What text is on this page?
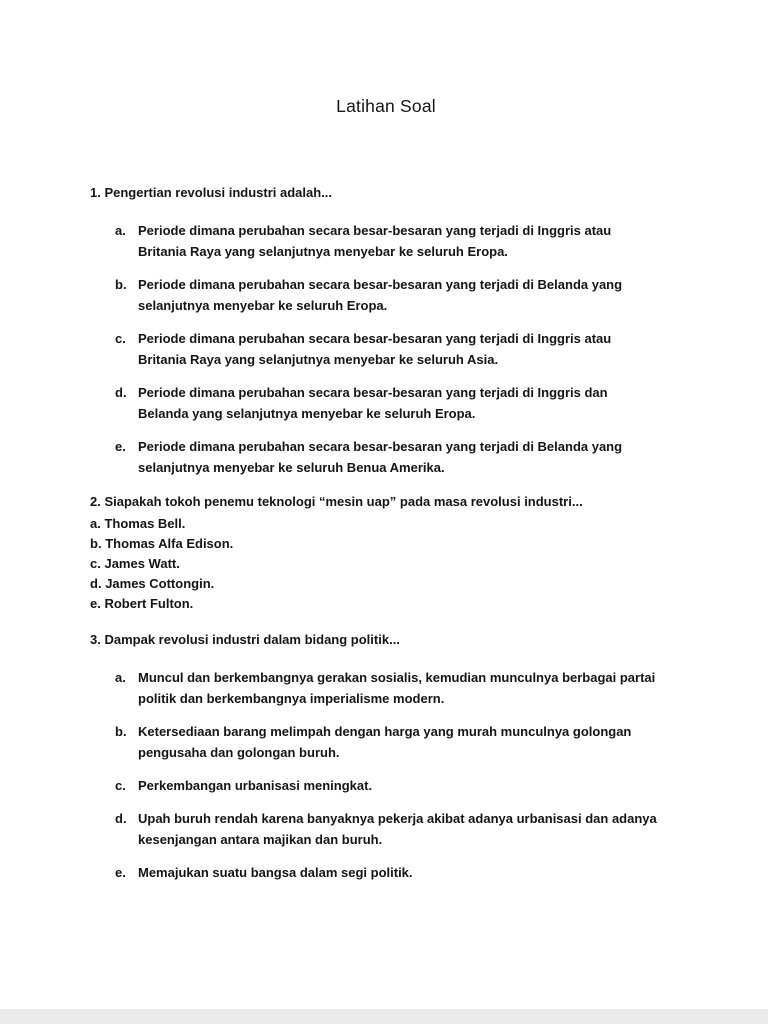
Latihan Soal

1. Pengertian revolusi industri adalah...

a. Periode dimana perubahan secara besar-besaran yang terjadi di Inggris atau Britania Raya yang selanjutnya menyebar ke seluruh Eropa.
b. Periode dimana perubahan secara besar-besaran yang terjadi di Belanda yang selanjutnya menyebar ke seluruh Eropa.
c. Periode dimana perubahan secara besar-besaran yang terjadi di Inggris atau Britania Raya yang selanjutnya menyebar ke seluruh Asia.
d. Periode dimana perubahan secara besar-besaran yang terjadi di Inggris dan Belanda yang selanjutnya menyebar ke seluruh Eropa.
e. Periode dimana perubahan secara besar-besaran yang terjadi di Belanda yang selanjutnya menyebar ke seluruh Benua Amerika.

2. Siapakah tokoh penemu teknologi “mesin uap” pada masa revolusi industri...

a. Thomas Bell.

b. Thomas Alfa Edison.

c. James Watt.

d. James Cottongin.

e. Robert Fulton.

3. Dampak revolusi industri dalam bidang politik...

a. Muncul dan berkembangnya gerakan sosialis, kemudian munculnya berbagai partai politik dan berkembangnya imperialisme modern.
b. Ketersediaan barang melimpah dengan harga yang murah munculnya golongan pengusaha dan golongan buruh.
c. Perkembangan urbanisasi meningkat.
d. Upah buruh rendah karena banyaknya pekerja akibat adanya urbanisasi dan adanya kesenjangan antara majikan dan buruh.
e. Memajukan suatu bangsa dalam segi politik.
